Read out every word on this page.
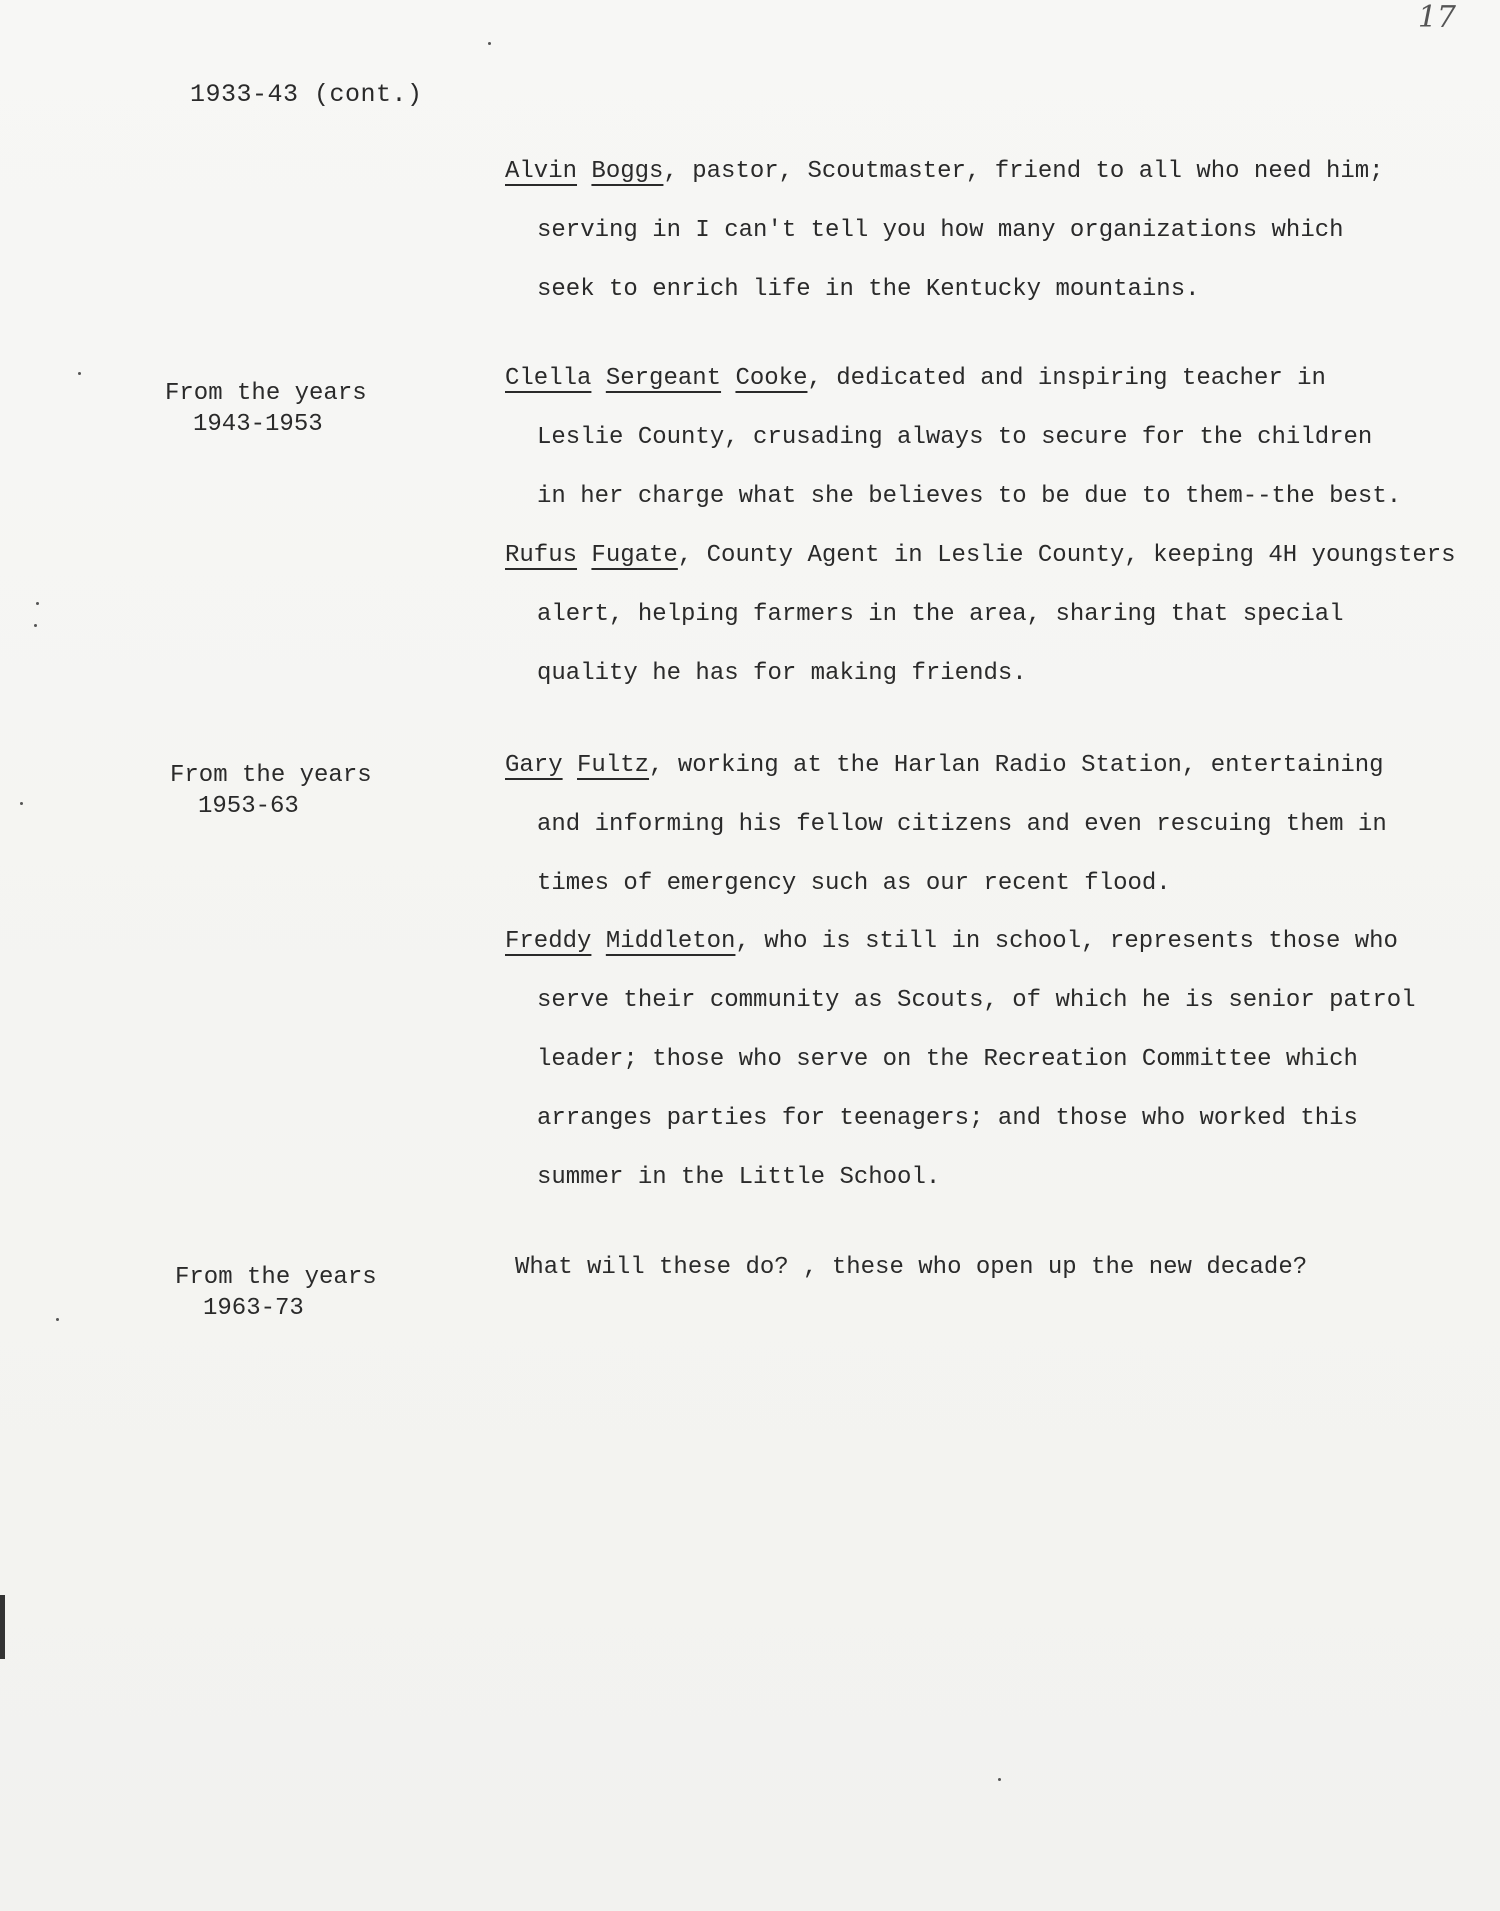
17
1933-43 (cont.)
From the years
1943-1953
From the years
1953-63
From the years
1963-73
Alvin Boggs, pastor, Scoutmaster, friend to all who need him;
serving in I can't tell you how many organizations which
seek to enrich life in the Kentucky mountains.
Clella Sergeant Cooke, dedicated and inspiring teacher in
Leslie County, crusading always to secure for the children
in her charge what she believes to be due to them--the best.
Rufus Fugate, County Agent in Leslie County, keeping 4H youngsters
alert, helping farmers in the area, sharing that special
quality he has for making friends.
Gary Fultz, working at the Harlan Radio Station, entertaining
and informing his fellow citizens and even rescuing them in
times of emergency such as our recent flood.
Freddy Middleton, who is still in school, represents those who
serve their community as Scouts, of which he is senior patrol
leader; those who serve on the Recreation Committee which
arranges parties for teenagers; and those who worked this
summer in the Little School.
What will these do? , these who open up the new decade?
